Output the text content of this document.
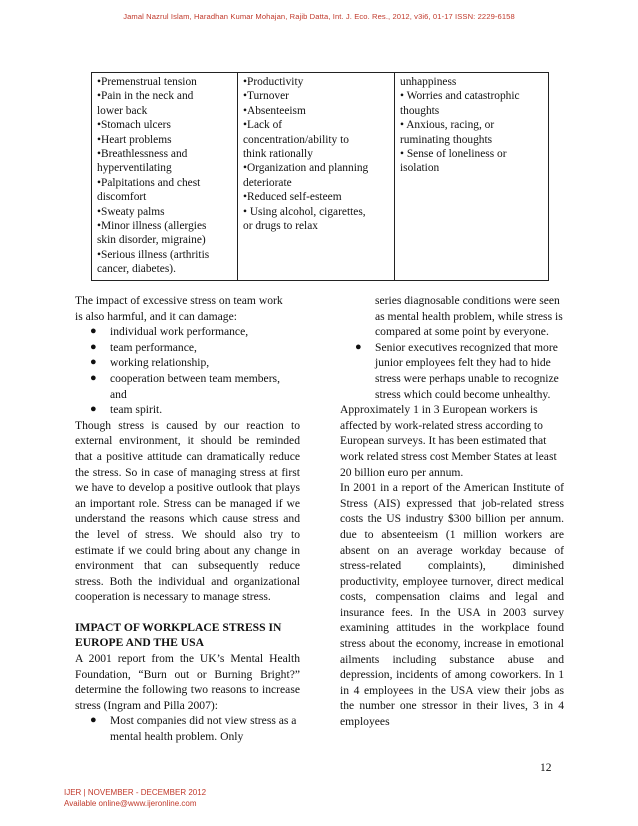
Jamal Nazrul Islam, Haradhan Kumar Mohajan, Rajib Datta, Int. J. Eco. Res., 2012, v3i6, 01-17 ISSN: 2229-6158
•Premenstrual tension
•Pain in the neck and
lower back
•Stomach ulcers
•Heart problems
•Breathlessness and
hyperventilating
•Palpitations and chest
discomfort
•Sweaty palms
•Minor illness (allergies
skin disorder, migraine)
•Serious illness (arthritis
cancer, diabetes).

•Productivity
•Turnover
•Absenteeism
•Lack of
concentration/ability to
think rationally
•Organization and planning
deteriorate
•Reduced self-esteem
• Using alcohol, cigarettes,
or drugs to relax

unhappiness
• Worries and catastrophic
thoughts
• Anxious, racing, or
ruminating thoughts
• Sense of loneliness or
isolation

The impact of excessive stress on team work

is also harmful, and it can damage:

● individual work performance,
● team performance,
● working relationship,
● cooperation between team members,

and

● team spirit.

Though stress is caused by our reaction to external environment, it should be reminded that a positive attitude can dramatically reduce the stress. So in case of managing stress at first we have to develop a positive outlook that plays an important role. Stress can be managed if we understand the reasons which cause stress and the level of stress. We should also try to estimate if we could bring about any change in environment that can subsequently reduce stress. Both the individual and organizational cooperation is necessary to manage stress.

IMPACT OF WORKPLACE STRESS IN EUROPE AND THE USA

A 2001 report from the UK’s Mental Health Foundation, “Burn out or Burning Bright?” determine the following two reasons to increase stress (Ingram and Pilla 2007):

● Most companies did not view stress as a mental health problem. Only

series diagnosable conditions were seen as mental health problem, while stress is compared at some point by everyone.

● Senior executives recognized that more junior employees felt they had to hide stress were perhaps unable to recognize stress which could become unhealthy.

Approximately 1 in 3 European workers is affected by work-related stress according to European surveys. It has been estimated that work related stress cost Member States at least 20 billion euro per annum.

In 2001 in a report of the American Institute of Stress (AIS) expressed that job-related stress costs the US industry $300 billion per annum. due to absenteeism (1 million workers are absent on an average workday because of stress-related complaints), diminished productivity, employee turnover, direct medical costs, compensation claims and legal and insurance fees. In the USA in 2003 survey examining attitudes in the workplace found stress about the economy, increase in emotional ailments including substance abuse and depression, incidents of among coworkers. In 1 in 4 employees in the USA view their jobs as the number one stressor in their lives, 3 in 4 employees

12
IJER | NOVEMBER - DECEMBER 2012
Available online@www.ijeronline.com
